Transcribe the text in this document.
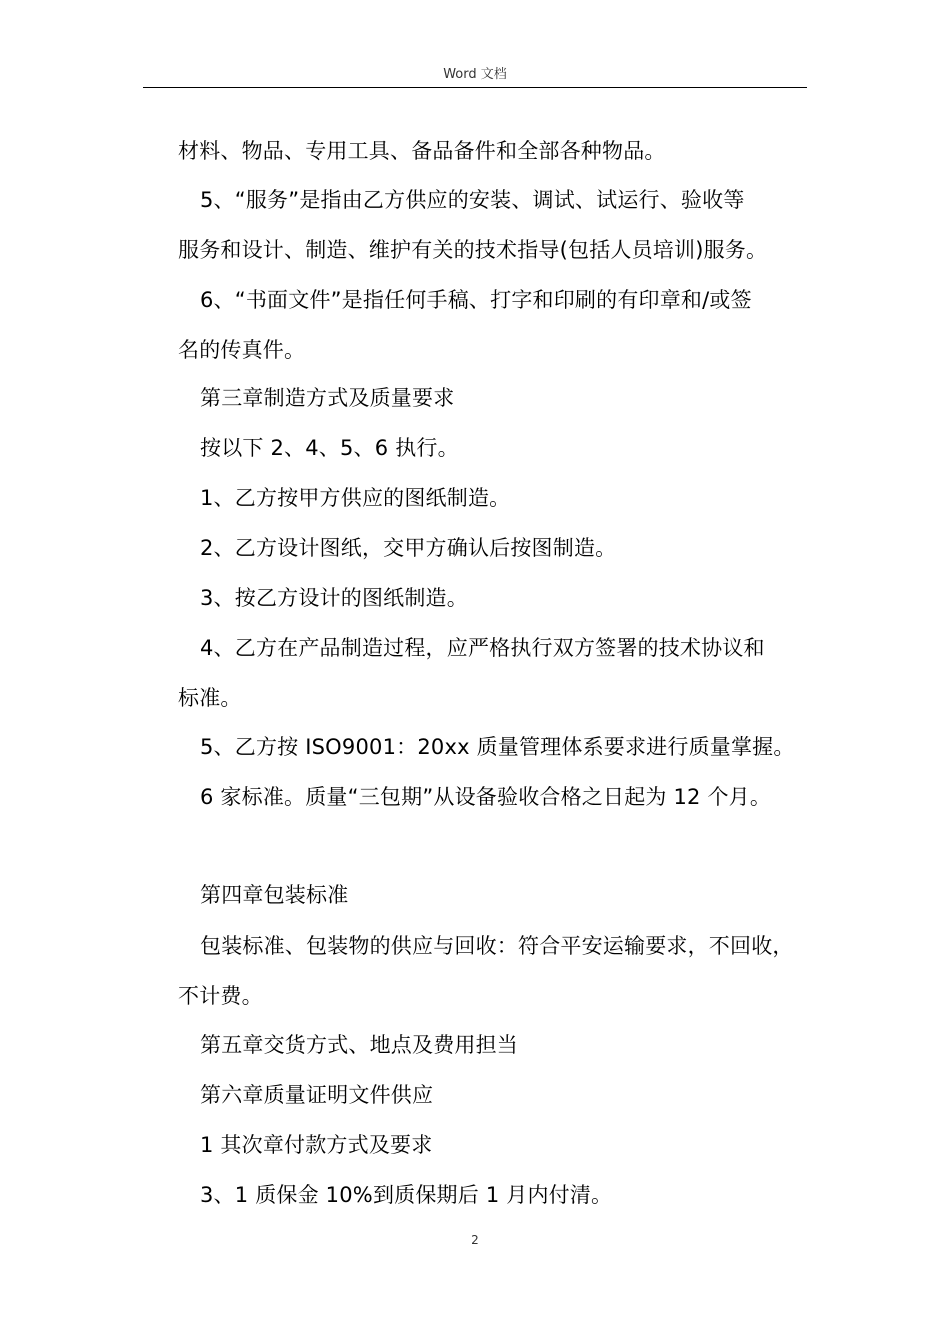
Word 文档
材料、物品、专用工具、备品备件和全部各种物品。
5、“服务”是指由乙方供应的安装、调试、试运行、验收等
服务和设计、制造、维护有关的技术指导(包括人员培训)服务。
6、“书面文件”是指任何手稿、打字和印刷的有印章和/或签
名的传真件。
第三章制造方式及质量要求
按以下 2、4、5、6 执行。
1、乙方按甲方供应的图纸制造。
2、乙方设计图纸，交甲方确认后按图制造。
3、按乙方设计的图纸制造。
4、乙方在产品制造过程，应严格执行双方签署的技术协议和
标准。
5、乙方按 ISO9001：20xx 质量管理体系要求进行质量掌握。
6 家标准。质量“三包期”从设备验收合格之日起为 12 个月。
第四章包装标准
包装标准、包装物的供应与回收：符合平安运输要求，不回收，
不计费。
第五章交货方式、地点及费用担当
第六章质量证明文件供应
1 其次章付款方式及要求
3、1 质保金 10%到质保期后 1 月内付清。
2
